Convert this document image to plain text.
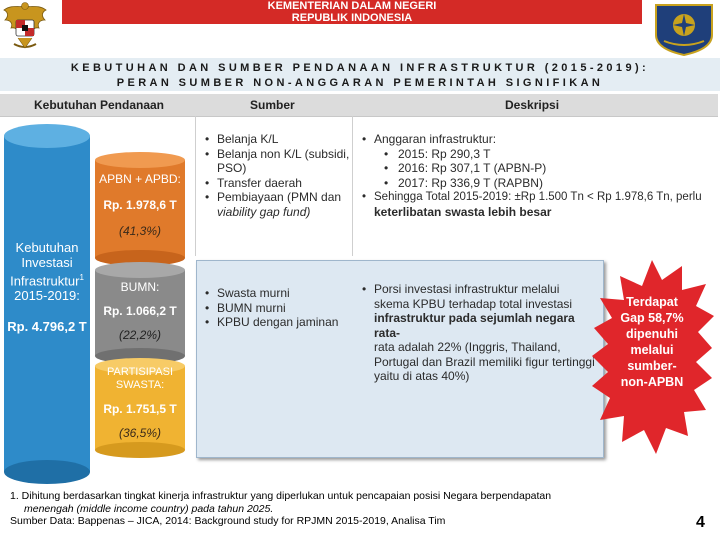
KEMENTERIAN DALAM NEGERI
REPUBLIK INDONESIA
KEBUTUHAN DAN SUMBER PENDANAAN INFRASTRUKTUR (2015-2019):
PERAN SUMBER NON-ANGGARAN PEMERINTAH SIGNIFIKAN
Kebutuhan Pendanaan	Sumber	Deskripsi
Kebutuhan
Investasi
Infrastruktur$^1$
2015-2019:
Rp. 4.796,2 T
APBN + APBD:
Rp. 1.978,6 T
(41,3%)
BUMN:
Rp. 1.066,2 T
(22,2%)
PARTISIPASI
SWASTA:
Rp. 1.751,5 T
(36,5%)
• Belanja K/L
• Belanja non K/L (subsidi,
PSO)
• Transfer daerah
• Pembiayaan (PMN dan
viability gap fund)
• Anggaran infrastruktur:
• 2015: Rp 290,3 T
• 2016: Rp 307,1 T (APBN-P)
• 2017: Rp 336,9 T (RAPBN)
• Sehingga Total 2015-2019: ±Rp 1.500 Tn < Rp 1.978,6 Tn, perlu
keterlibatan swasta lebih besar
• Swasta murni
• BUMN murni
• KPBU dengan jaminan
• Porsi investasi infrastruktur melalui
skema KPBU terhadap total investasi
infrastruktur pada sejumlah negara rata-
rata adalah 22% (Inggris, Thailand,
Portugal dan Brazil memiliki figur tertinggi
yaitu di atas 40%)
Terdapat
Gap 58,7%
dipenuhi
melalui
sumber-
non-APBN
1. Dihitung berdasarkan tingkat kinerja infrastruktur yang diperlukan untuk pencapaian posisi Negara berpendapatan
menengah (middle income country) pada tahun 2025.
Sumber Data: Bappenas – JICA, 2014: Background study for RPJMN 2015-2019, Analisa Tim	4
